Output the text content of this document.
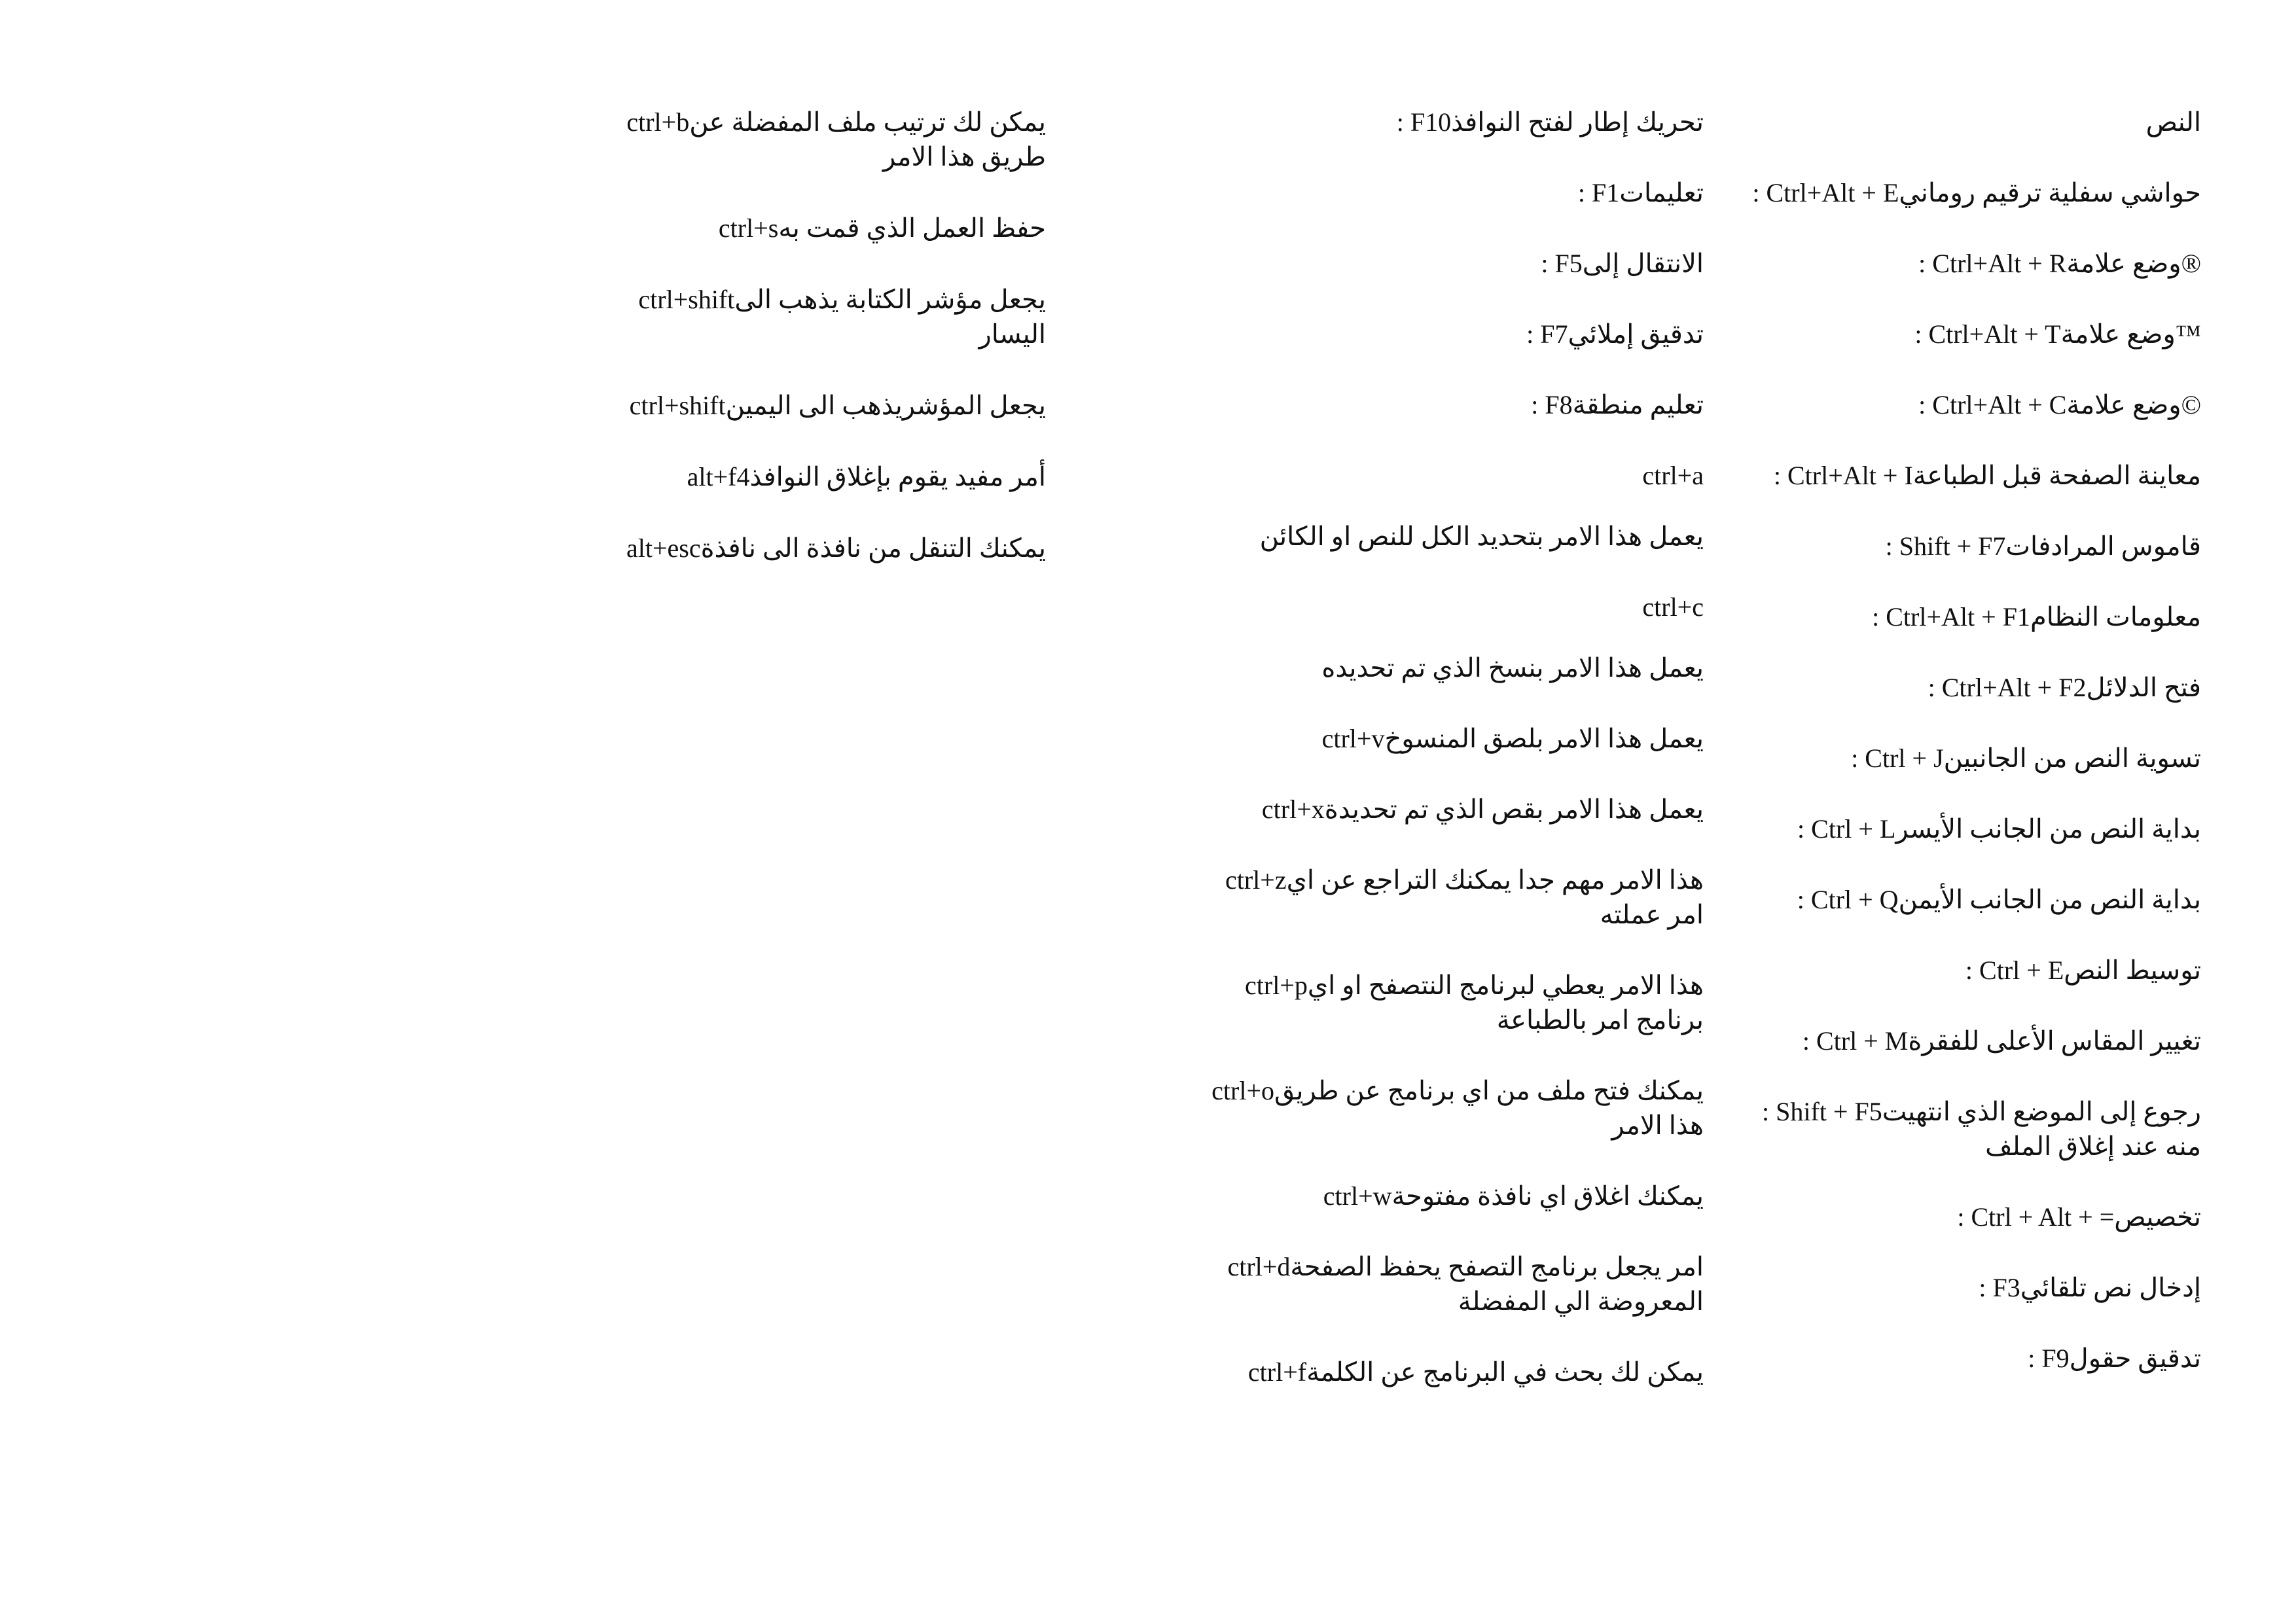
النص
: Ctrl+Alt + Eحواشي سفلية ترقيم روماني
: Ctrl+Alt + Rوضع علامة®
: Ctrl+Alt + Tوضع علامة™
: Ctrl+Alt + Cوضع علامة©
: Ctrl+Alt + Iمعاينة الصفحة قبل الطباعة
: Shift + F7قاموس المرادفات
: Ctrl+Alt + F1معلومات النظام
: Ctrl+Alt + F2فتح الدلائل
: Ctrl + Jتسوية النص من الجانبين
: Ctrl + Lبداية النص من الجانب الأيسر
: Ctrl + Qبداية النص من الجانب الأيمن
: Ctrl + Eتوسيط النص
: Ctrl + Mتغيير المقاس الأعلى للفقرة
: Shift + F5رجوع إلى الموضع الذي انتهيت منه عند إغلاق الملف
: Ctrl + Alt + =تخصيص
: F3إدخال نص تلقائي
: F9تدقيق حقول
: F10تحريك إطار لفتح النوافذ
: F1تعليمات
: F5الانتقال إلى
: F7تدقيق إملائي
: F8تعليم منطقة
ctrl+a
يعمل هذا الامر بتحديد الكل للنص او الكائن
ctrl+c
يعمل هذا الامر بنسخ الذي تم تحديده
ctrl+vيعمل هذا الامر بلصق المنسوخ
ctrl+xيعمل هذا الامر بقص الذي تم تحديدة
ctrl+zهذا الامر مهم جدا يمكنك التراجع عن اي امر عملته
ctrl+pهذا الامر يعطي لبرنامج النتصفح او اي برنامج امر بالطباعة
ctrl+oيمكنك فتح ملف من اي برنامج عن طريق هذا الامر
ctrl+wيمكنك اغلاق اي نافذة مفتوحة
ctrl+dامر يجعل برنامج التصفح يحفظ الصفحة المعروضة الي المفضلة
ctrl+fيمكن لك بحث في البرنامج عن الكلمة
ctrl+bيمكن لك ترتيب ملف المفضلة عن طريق هذا الامر
ctrl+sحفظ العمل الذي قمت به
ctrl+shiftيجعل مؤشر الكتابة يذهب الى اليسار
ctrl+shiftيجعل المؤشريذهب الى اليمين
alt+f4أمر مفيد يقوم بإغلاق النوافذ
alt+escيمكنك التنقل من نافذة الى نافذة
